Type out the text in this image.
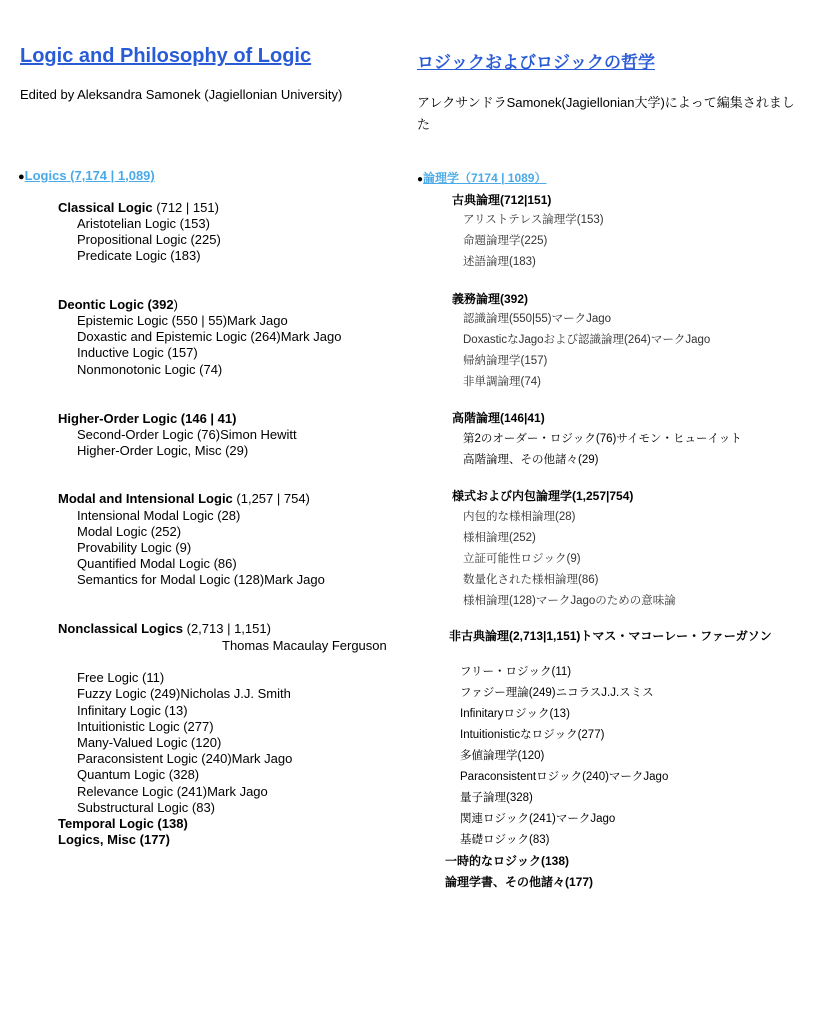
Logic and Philosophy of Logic
Edited by Aleksandra Samonek (Jagiellonian University)
●Logics (7,174 | 1,089)
Classical Logic (712 | 151)
Aristotelian Logic (153)
Propositional Logic (225)
Predicate Logic (183)
Deontic Logic (392)
Epistemic Logic (550 | 55)Mark Jago
Doxastic and Epistemic Logic (264)Mark Jago
Inductive Logic (157)
Nonmonotonic Logic (74)
Higher-Order Logic (146 | 41)
Second-Order Logic (76)Simon Hewitt
Higher-Order Logic, Misc (29)
Modal and Intensional Logic (1,257 | 754)
Intensional Modal Logic (28)
Modal Logic (252)
Provability Logic (9)
Quantified Modal Logic (86)
Semantics for Modal Logic (128)Mark Jago
Nonclassical Logics (2,713 | 1,151)
Thomas Macaulay Ferguson
Free Logic (11)
Fuzzy Logic (249)Nicholas J.J. Smith
Infinitary Logic (13)
Intuitionistic Logic (277)
Many-Valued Logic (120)
Paraconsistent Logic (240)Mark Jago
Quantum Logic (328)
Relevance Logic (241)Mark Jago
Substructural Logic (83)
Temporal Logic (138)
Logics, Misc (177)
ロジックおよびロジックの哲学
アレクサンドラSamonek(Jagiellonian大学)によって編集されました
●論理学（7174 | 1089）
古典論理(712|151)
アリストテレス論理学(153)
命題論理学(225)
述語論理(183)
義務論理(392)
認識論理(550|55)マークJago
DoxasticなJagoおよび認識論理(264)マークJago
帰納論理学(157)
非単調論理(74)
高階論理(146|41)
第2のオーダー・ロジック(76)サイモン・ヒューイット
高階論理、その他諸々(29)
様式および内包論理学(1,257|754)
内包的な様相論理(28)
様相論理(252)
立証可能性ロジック(9)
数量化された様相論理(86)
様相論理(128)マークJagoのための意味論
非古典論理(2,713|1,151)トマス・マコーレー・ファーガソン
フリー・ロジック(11)
ファジー理論(249)ニコラスJ.J.スミス
Infinitaryロジック(13)
Intuitionisticなロジック(277)
多値論理学(120)
Paraconsistentロジック(240)マークJago
量子論理(328)
関連ロジック(241)マークJago
基礎ロジック(83)
一時的なロジック(138)
論理学書、その他諸々(177)
